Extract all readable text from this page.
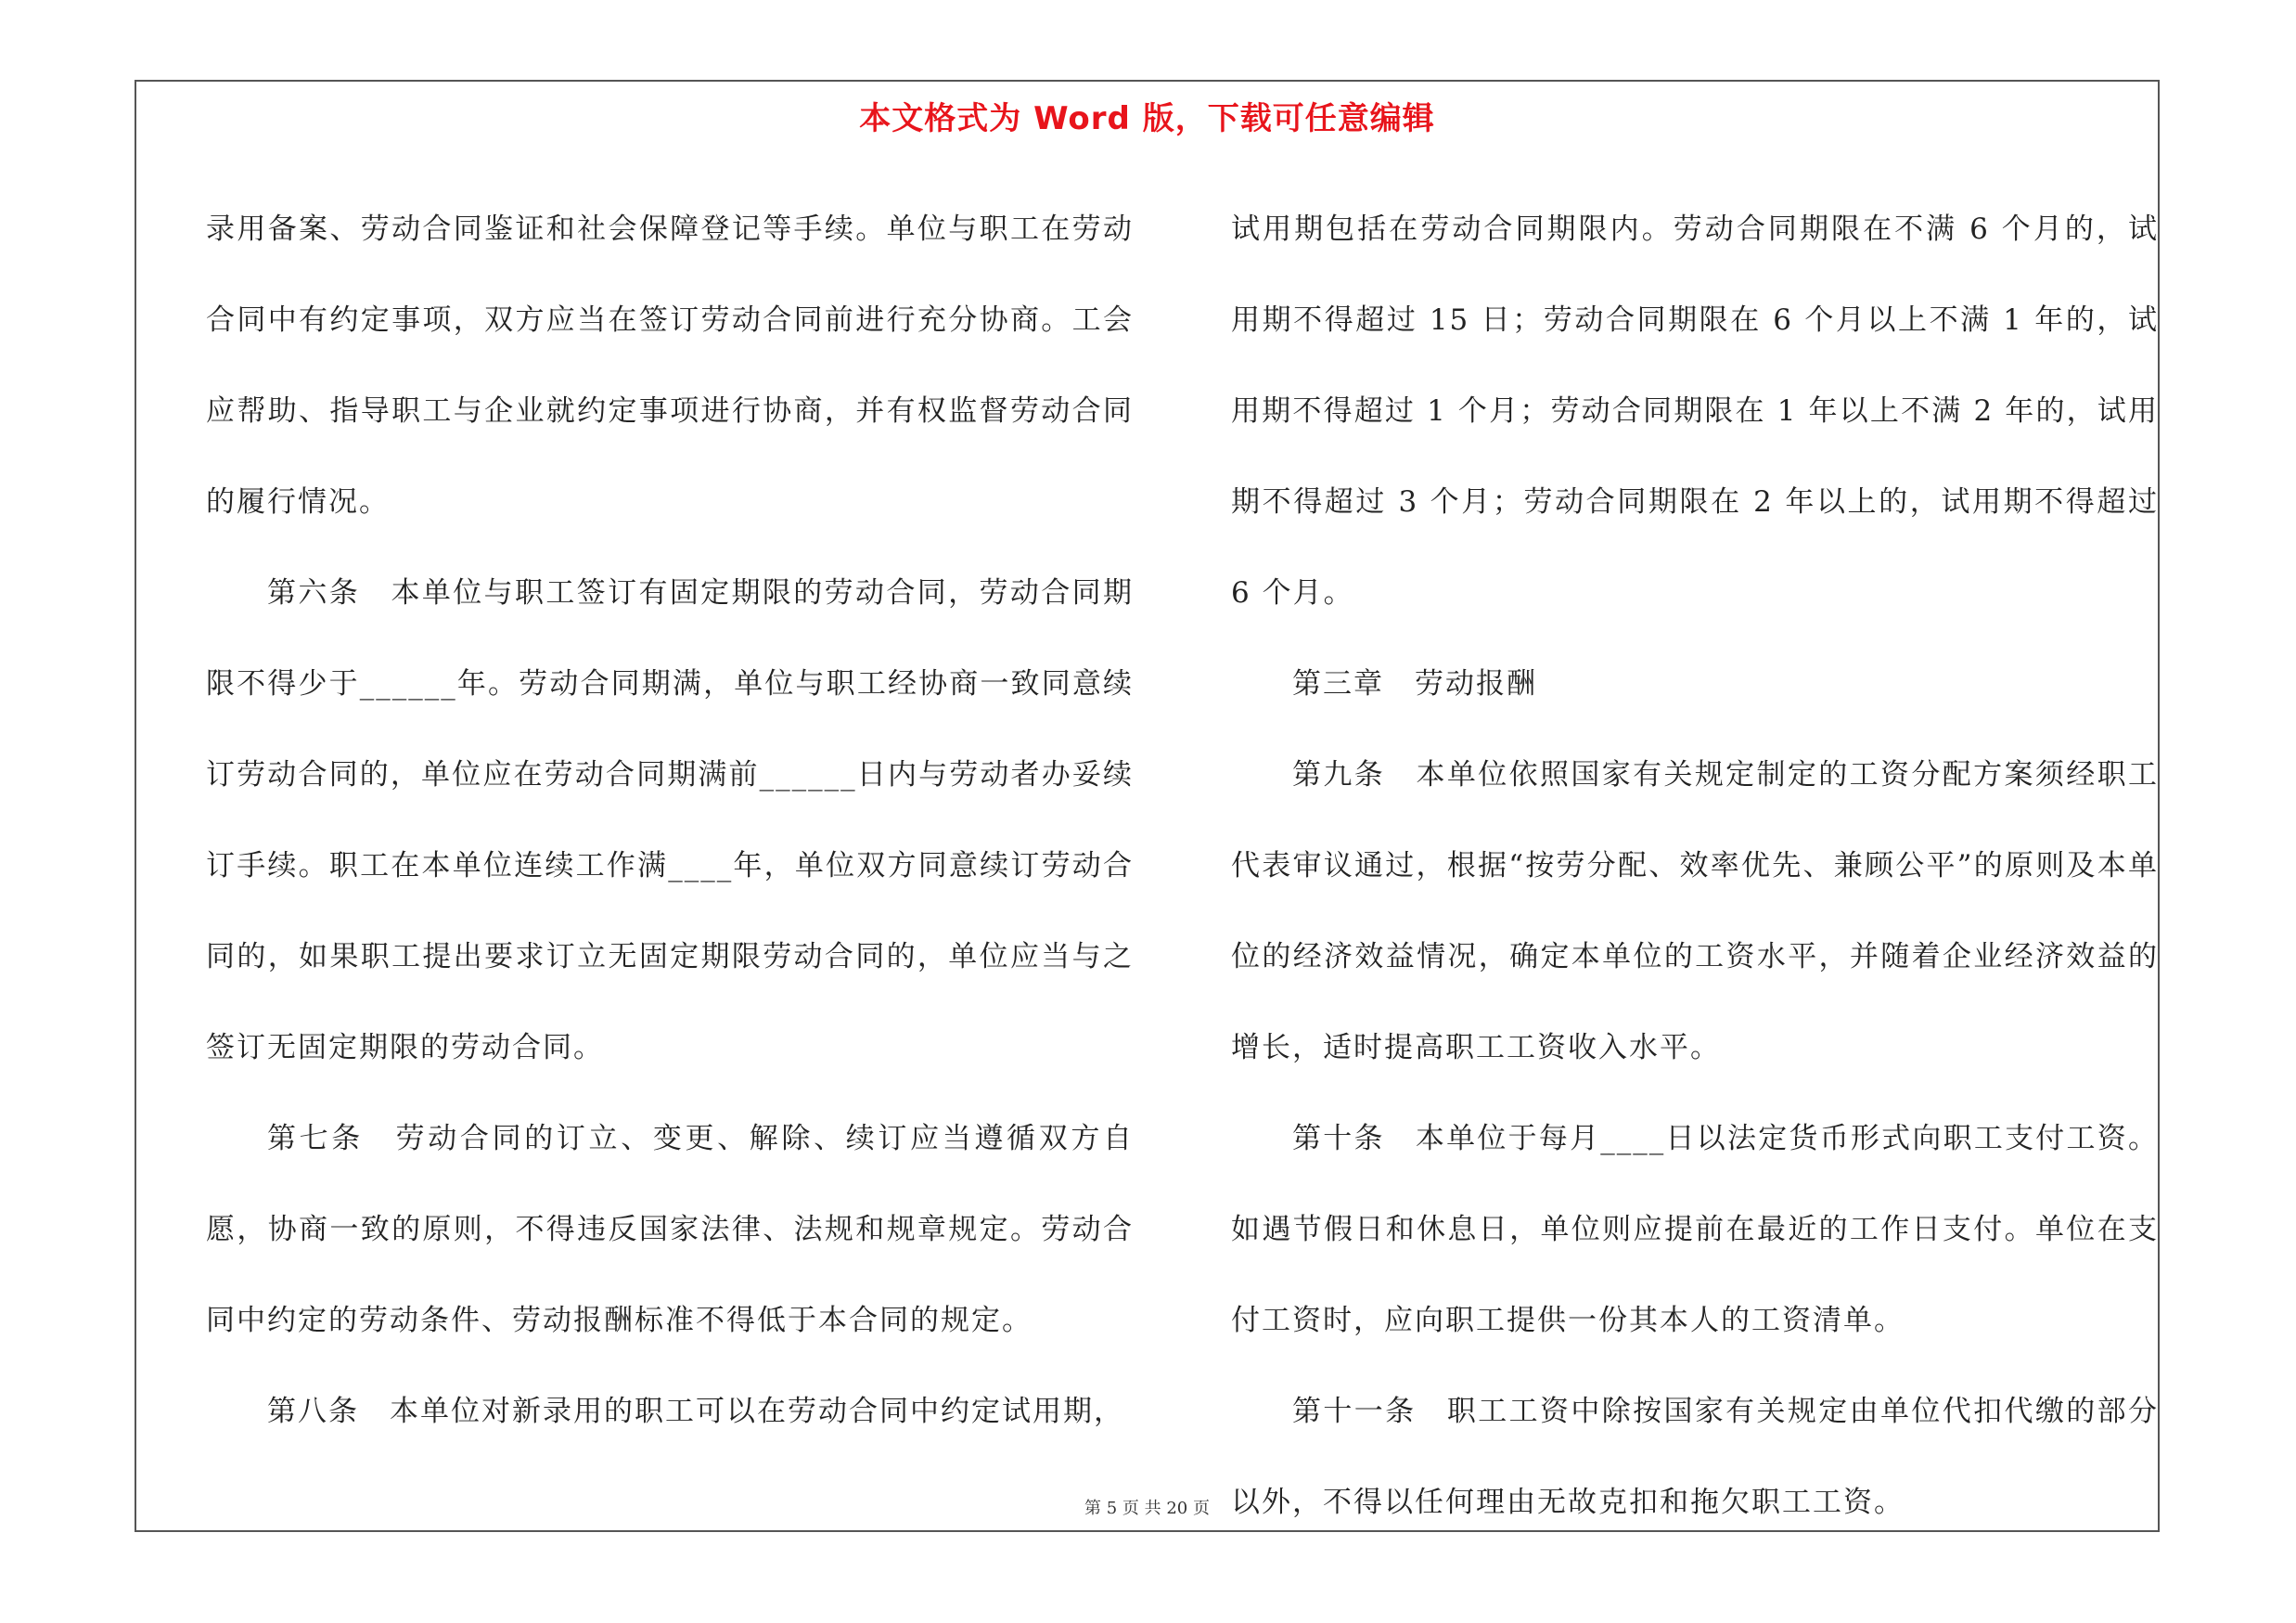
本文格式为 Word 版，下载可任意编辑

录用备案、劳动合同鉴证和社会保障登记等手续。单位与职工在劳动合同中有约定事项，双方应当在签订劳动合同前进行充分协商。工会应帮助、指导职工与企业就约定事项进行协商，并有权监督劳动合同的履行情况。

第六条　本单位与职工签订有固定期限的劳动合同，劳动合同期限不得少于______年。劳动合同期满，单位与职工经协商一致同意续订劳动合同的，单位应在劳动合同期满前______日内与劳动者办妥续订手续。职工在本单位连续工作满____年，单位双方同意续订劳动合同的，如果职工提出要求订立无固定期限劳动合同的，单位应当与之签订无固定期限的劳动合同。

第七条　劳动合同的订立、变更、解除、续订应当遵循双方自愿，协商一致的原则，不得违反国家法律、法规和规章规定。劳动合同中约定的劳动条件、劳动报酬标准不得低于本合同的规定。

第八条　本单位对新录用的职工可以在劳动合同中约定试用期，

试用期包括在劳动合同期限内。劳动合同期限在不满 6 个月的，试用期不得超过 15 日；劳动合同期限在 6 个月以上不满 1 年的，试用期不得超过 1 个月；劳动合同期限在 1 年以上不满 2 年的，试用期不得超过 3 个月；劳动合同期限在 2 年以上的，试用期不得超过 6 个月。

第三章　劳动报酬

第九条　本单位依照国家有关规定制定的工资分配方案须经职工代表审议通过，根据“按劳分配、效率优先、兼顾公平”的原则及本单位的经济效益情况，确定本单位的工资水平，并随着企业经济效益的增长，适时提高职工工资收入水平。

第十条　本单位于每月____日以法定货币形式向职工支付工资。如遇节假日和休息日，单位则应提前在最近的工作日支付。单位在支付工资时，应向职工提供一份其本人的工资清单。

第十一条　职工工资中除按国家有关规定由单位代扣代缴的部分以外，不得以任何理由无故克扣和拖欠职工工资。

第 5 页 共 20 页
